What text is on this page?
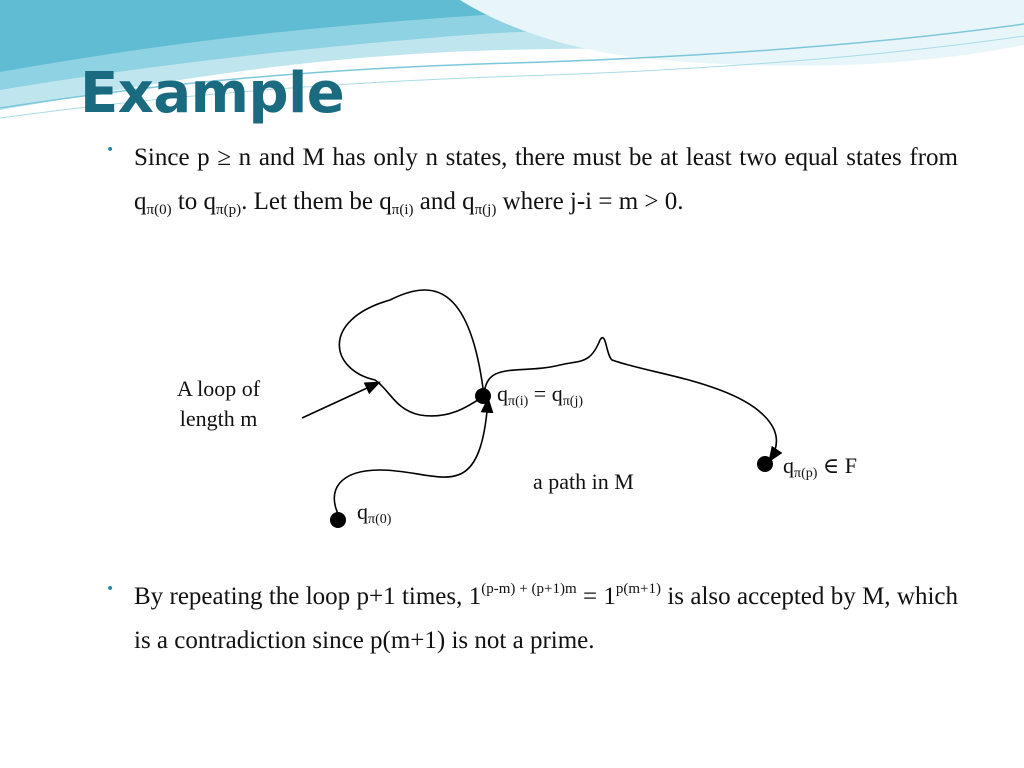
Example
• Since p ≥ n and M has only n states, there must be at least two equal states from $q_{\pi(0)}$ to $q_{\pi(p)}$. Let them be $q_{\pi(i)}$ and $q_{\pi(j)}$ where j-i = m > 0.

A loop of
length m
$q_{\pi(i)} = q_{\pi(j)}$
$q_{\pi(0)}$
$q_{\pi(p)}$ ∈ F
a path in M
• By repeating the loop p+1 times, $1^{(p-m) + (p+1)m} = 1^{p(m+1)}$ is also accepted by M, which is a contradiction since p(m+1) is not a prime.
